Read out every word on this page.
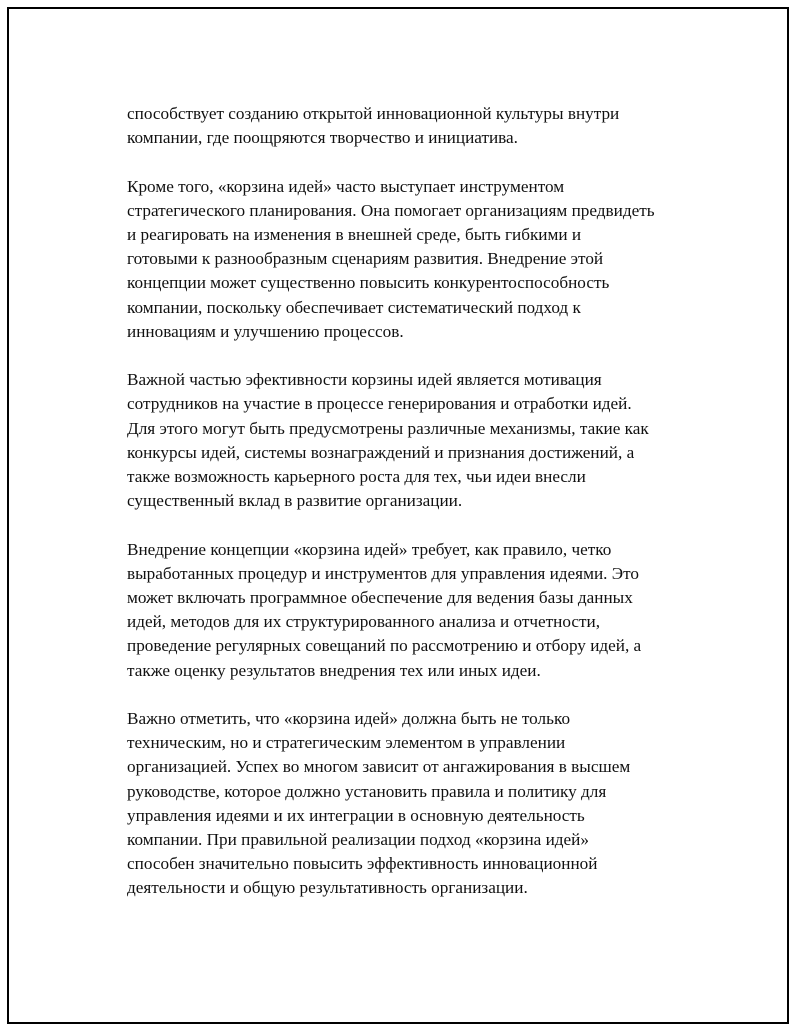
способствует созданию открытой инновационной культуры внутри
компании, где поощряются творчество и инициатива.

Кроме того, «корзина идей» часто выступает инструментом
стратегического планирования. Она помогает организациям предвидеть
и реагировать на изменения в внешней среде, быть гибкими и
готовыми к разнообразным сценариям развития. Внедрение этой
концепции может существенно повысить конкурентоспособность
компании, поскольку обеспечивает систематический подход к
инновациям и улучшению процессов.

Важной частью эфективности корзины идей является мотивация
сотрудников на участие в процессе генерирования и отработки идей.
Для этого могут быть предусмотрены различные механизмы, такие как
конкурсы идей, системы вознаграждений и признания достижений, а
также возможность карьерного роста для тех, чьи идеи внесли
существенный вклад в развитие организации.

Внедрение концепции «корзина идей» требует, как правило, четко
выработанных процедур и инструментов для управления идеями. Это
может включать программное обеспечение для ведения базы данных
идей, методов для их структурированного анализа и отчетности,
проведение регулярных совещаний по рассмотрению и отбору идей, а
также оценку результатов внедрения тех или иных идеи.

Важно отметить, что «корзина идей» должна быть не только
техническим, но и стратегическим элементом в управлении
организацией. Успех во многом зависит от ангажирования в высшем
руководстве, которое должно установить правила и политику для
управления идеями и их интеграции в основную деятельность
компании. При правильной реализации подход «корзина идей»
способен значительно повысить эффективность инновационной
деятельности и общую результативность организации.
